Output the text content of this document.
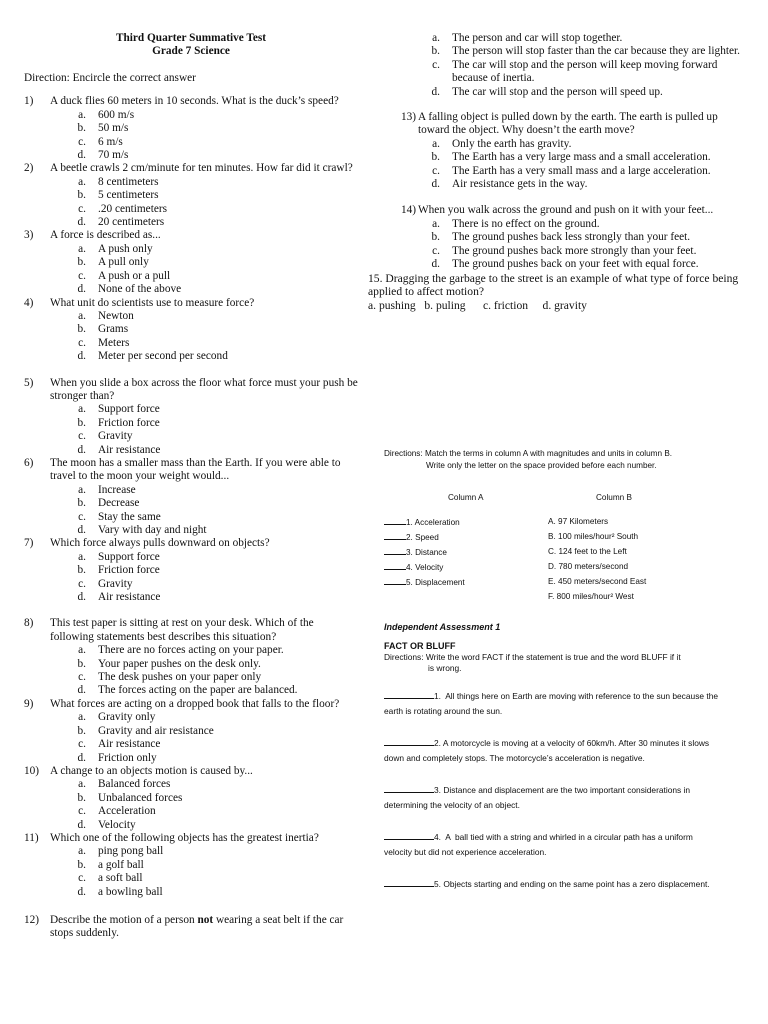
Third Quarter Summative Test
Grade 7 Science
Direction: Encircle the correct answer
1)	A duck flies 60 meters in 10 seconds. What is the duck’s speed?
a.	600 m/s
b.	50 m/s
c.	6 m/s
d.	70 m/s
2)	A beetle crawls 2 cm/minute for ten minutes. How far did it crawl?
a.	8 centimeters
b.	5 centimeters
c.	.20 centimeters
d.	20 centimeters
3)	A force is described as...
a.	A push only
b.	A pull only
c.	A push or a pull
d.	None of the above
4)	What unit do scientists use to measure force?
a.	Newton
b.	Grams
c.	Meters
d.	Meter per second per second
5)	When you slide a box across the floor what force must your push be stronger than?
a.	Support force
b.	Friction force
c.	Gravity
d.	Air resistance
6)	The moon has a smaller mass than the Earth. If you were able to travel to the moon your weight would...
a.	Increase
b.	Decrease
c.	Stay the same
d.	Vary with day and night
7)	Which force always pulls downward on objects?
a.	Support force
b.	Friction force
c.	Gravity
d.	Air resistance
8)	This test paper is sitting at rest on your desk. Which of the following statements best describes this situation?
a.	There are no forces acting on your paper.
b.	Your paper pushes on the desk only.
c.	The desk pushes on your paper only
d.	The forces acting on the paper are balanced.
9)	What forces are acting on a dropped book that falls to the floor?
a.	Gravity only
b.	Gravity and air resistance
c.	Air resistance
d.	Friction only
10) A change to an objects motion is caused by...
a.	Balanced forces
b.	Unbalanced forces
c.	Acceleration
d.	Velocity
11)	Which one of the following objects has the greatest inertia?
a.	ping pong ball
b.	a golf ball
c.	a soft ball
d.	a bowling ball
12) Describe the motion of a person not wearing a seat belt if the car stops suddenly.
a.	The person and car will stop together.
b.	The person will stop faster than the car because they are lighter.
c.	The car will stop and the person will keep moving forward because of inertia.
d.	The car will stop and the person will speed up.
13) A falling object is pulled down by the earth. The earth is pulled up toward the object. Why doesn’t the earth move?
a.	Only the earth has gravity.
b.	The Earth has a very large mass and a small acceleration.
c.	The Earth has a very small mass and a large acceleration.
d.	Air resistance gets in the way.
14) When you walk across the ground and push on it with your feet...
a.	There is no effect on the ground.
b.	The ground pushes back less strongly than your feet.
c.	The ground pushes back more strongly than your feet.
d.	The ground pushes back on your feet with equal force.
15. Dragging the garbage to the street is an example of what type of force being applied to affect motion?
a. pushing   b. puling      c. friction     d. gravity
Directions: Match the terms in column A with magnitudes and units in column B.
Write only the letter on the space provided before each number.
Column A	Column B
1. Acceleration
2. Speed
3. Distance
4. Velocity
5. Displacement
A. 97 Kilometers
B. 100 miles/hour² South
C. 124 feet to the Left
D. 780 meters/second
E. 450 meters/second East
F. 800 miles/hour² West
Independent Assessment 1
FACT OR BLUFF
Directions: Write the word FACT if the statement is true and the word BLUFF if it
is wrong.
1.  All things here on Earth are moving with reference to the sun because the
earth is rotating around the sun.
2. A motorcycle is moving at a velocity of 60km/h. After 30 minutes it slows
down and completely stops. The motorcycle’s acceleration is negative.
3. Distance and displacement are the two important considerations in
determining the velocity of an object.
4.  A  ball tied with a string and whirled in a circular path has a uniform
velocity but did not experience acceleration.
5. Objects starting and ending on the same point has a zero displacement.
